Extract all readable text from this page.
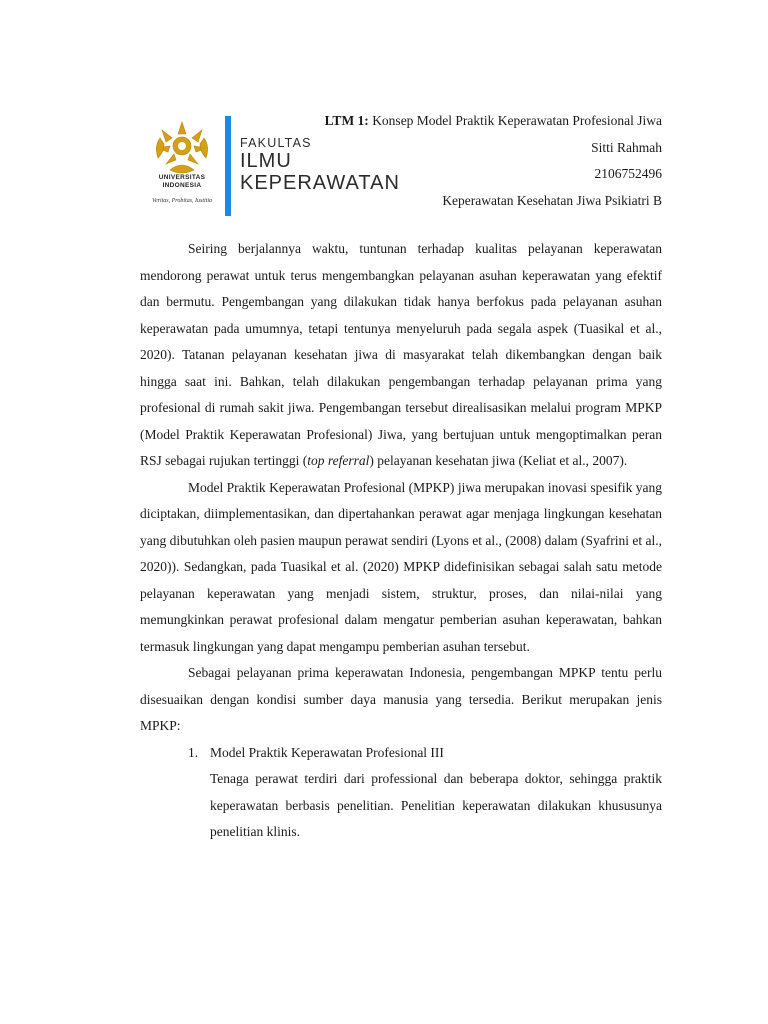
UNIVERSITAS
INDONESIA
Veritas, Probitas, Iustitia
FAKULTAS
ILMU
KEPERAWATAN
LTM 1: Konsep Model Praktik Keperawatan Profesional Jiwa
Sitti Rahmah
2106752496
Keperawatan Kesehatan Jiwa Psikiatri B

Seiring berjalannya waktu, tuntunan terhadap kualitas pelayanan keperawatan mendorong perawat untuk terus mengembangkan pelayanan asuhan keperawatan yang efektif dan bermutu. Pengembangan yang dilakukan tidak hanya berfokus pada pelayanan asuhan keperawatan pada umumnya, tetapi tentunya menyeluruh pada segala aspek (Tuasikal et al., 2020). Tatanan pelayanan kesehatan jiwa di masyarakat telah dikembangkan dengan baik hingga saat ini. Bahkan, telah dilakukan pengembangan terhadap pelayanan prima yang profesional di rumah sakit jiwa. Pengembangan tersebut direalisasikan melalui program MPKP (Model Praktik Keperawatan Profesional) Jiwa, yang bertujuan untuk mengoptimalkan peran RSJ sebagai rujukan tertinggi (top referral) pelayanan kesehatan jiwa (Keliat et al., 2007).

Model Praktik Keperawatan Profesional (MPKP) jiwa merupakan inovasi spesifik yang diciptakan, diimplementasikan, dan dipertahankan perawat agar menjaga lingkungan kesehatan yang dibutuhkan oleh pasien maupun perawat sendiri (Lyons et al., (2008) dalam (Syafrini et al., 2020)). Sedangkan, pada Tuasikal et al. (2020) MPKP didefinisikan sebagai salah satu metode pelayanan keperawatan yang menjadi sistem, struktur, proses, dan nilai-nilai yang memungkinkan perawat profesional dalam mengatur pemberian asuhan keperawatan, bahkan termasuk lingkungan yang dapat mengampu pemberian asuhan tersebut.

Sebagai pelayanan prima keperawatan Indonesia, pengembangan MPKP tentu perlu disesuaikan dengan kondisi sumber daya manusia yang tersedia. Berikut merupakan jenis MPKP:

1. Model Praktik Keperawatan Profesional III

Tenaga perawat terdiri dari professional dan beberapa doktor, sehingga praktik keperawatan berbasis penelitian. Penelitian keperawatan dilakukan khususunya penelitian klinis.
